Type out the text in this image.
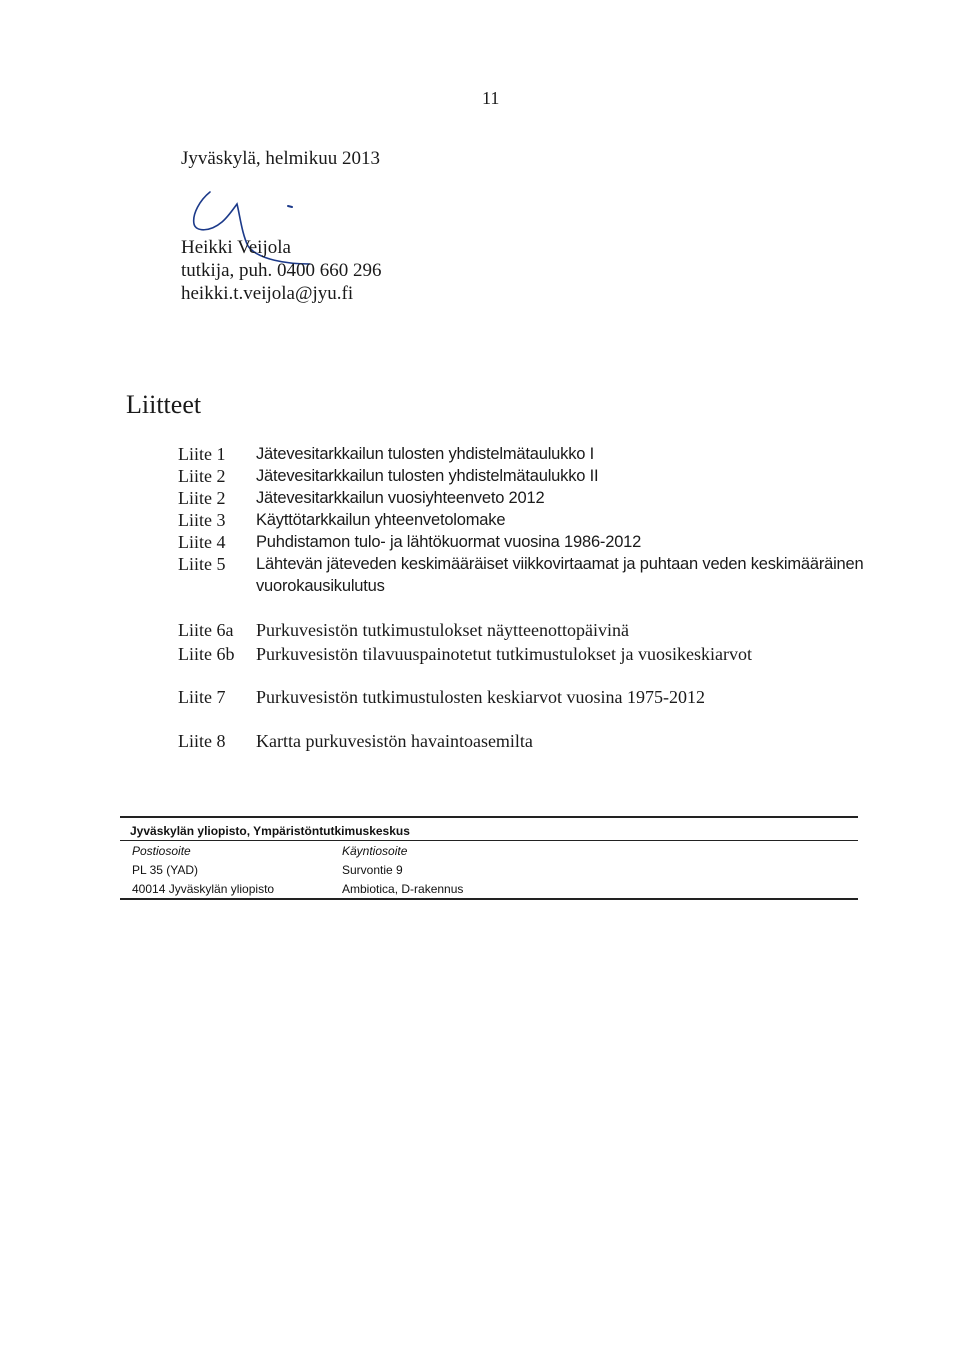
11
Jyväskylä, helmikuu 2013
Heikki Veijola
tutkija, puh. 0400 660 296
heikki.t.veijola@jyu.fi
Liitteet
Liite 1	Jätevesitarkkailun tulosten yhdistelmätaulukko I
Liite 2	Jätevesitarkkailun tulosten yhdistelmätaulukko II
Liite 2	Jätevesitarkkailun vuosiyhteenveto 2012
Liite 3	Käyttötarkkailun yhteenvetolomake
Liite 4	Puhdistamon tulo- ja lähtökuormat vuosina 1986-2012
Liite 5	Lähtevän jäteveden keskimääräiset viikkovirtaamat ja puhtaan veden keskimääräinen vuorokausikulutus
Liite 6a	Purkuvesistön tutkimustulokset näytteenottopäivinä
Liite 6b	Purkuvesistön tilavuuspainotetut tutkimustulokset ja vuosikeskiarvot
Liite 7	Purkuvesistön tutkimustulosten keskiarvot vuosina 1975-2012
Liite 8	Kartta purkuvesistön havaintoasemilta
Jyväskylän yliopisto, Ympäristöntutkimuskeskus
Postiosoite	Käyntiosoite
PL 35 (YAD)	Survontie 9
40014 Jyväskylän yliopisto	Ambiotica, D-rakennus
